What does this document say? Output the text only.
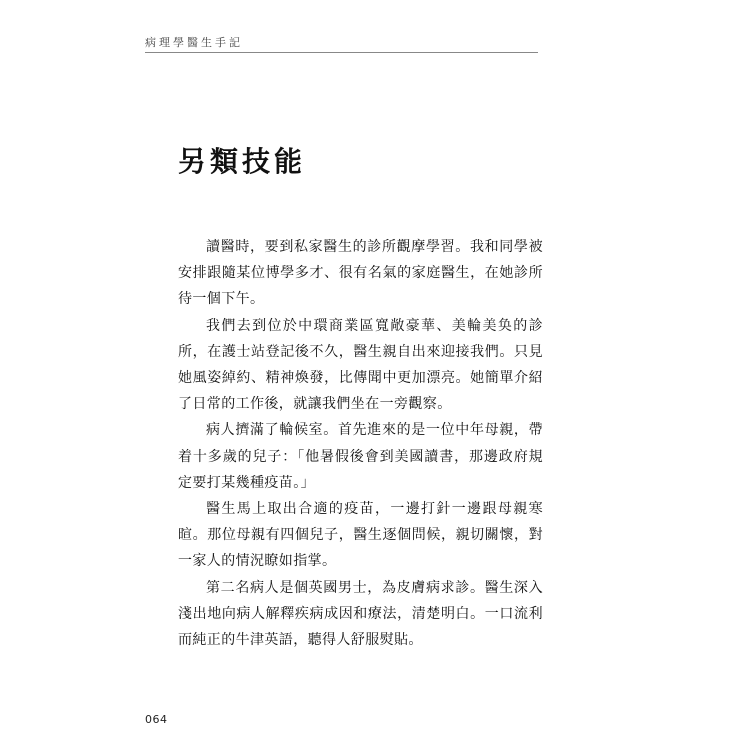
病理學醫生手記
另類技能

讀醫時，要到私家醫生的診所觀摩學習。我和同學被安排跟隨某位博學多才、很有名氣的家庭醫生，在她診所待一個下午。

我們去到位於中環商業區寬敞豪華、美輪美奂的診所，在護士站登記後不久，醫生親自出來迎接我們。只見她風姿綽約、精神煥發，比傳聞中更加漂亮。她簡單介紹了日常的工作後，就讓我們坐在一旁觀察。

病人擠滿了輪候室。首先進來的是一位中年母親，帶着十多歲的兒子：「他暑假後會到美國讀書，那邊政府規定要打某幾種疫苗。」

醫生馬上取出合適的疫苗，一邊打針一邊跟母親寒暄。那位母親有四個兒子，醫生逐個問候，親切關懷，對一家人的情況瞭如指掌。

第二名病人是個英國男士，為皮膚病求診。醫生深入淺出地向病人解釋疾病成因和療法，清楚明白。一口流利而純正的牛津英語，聽得人舒服熨貼。

064
